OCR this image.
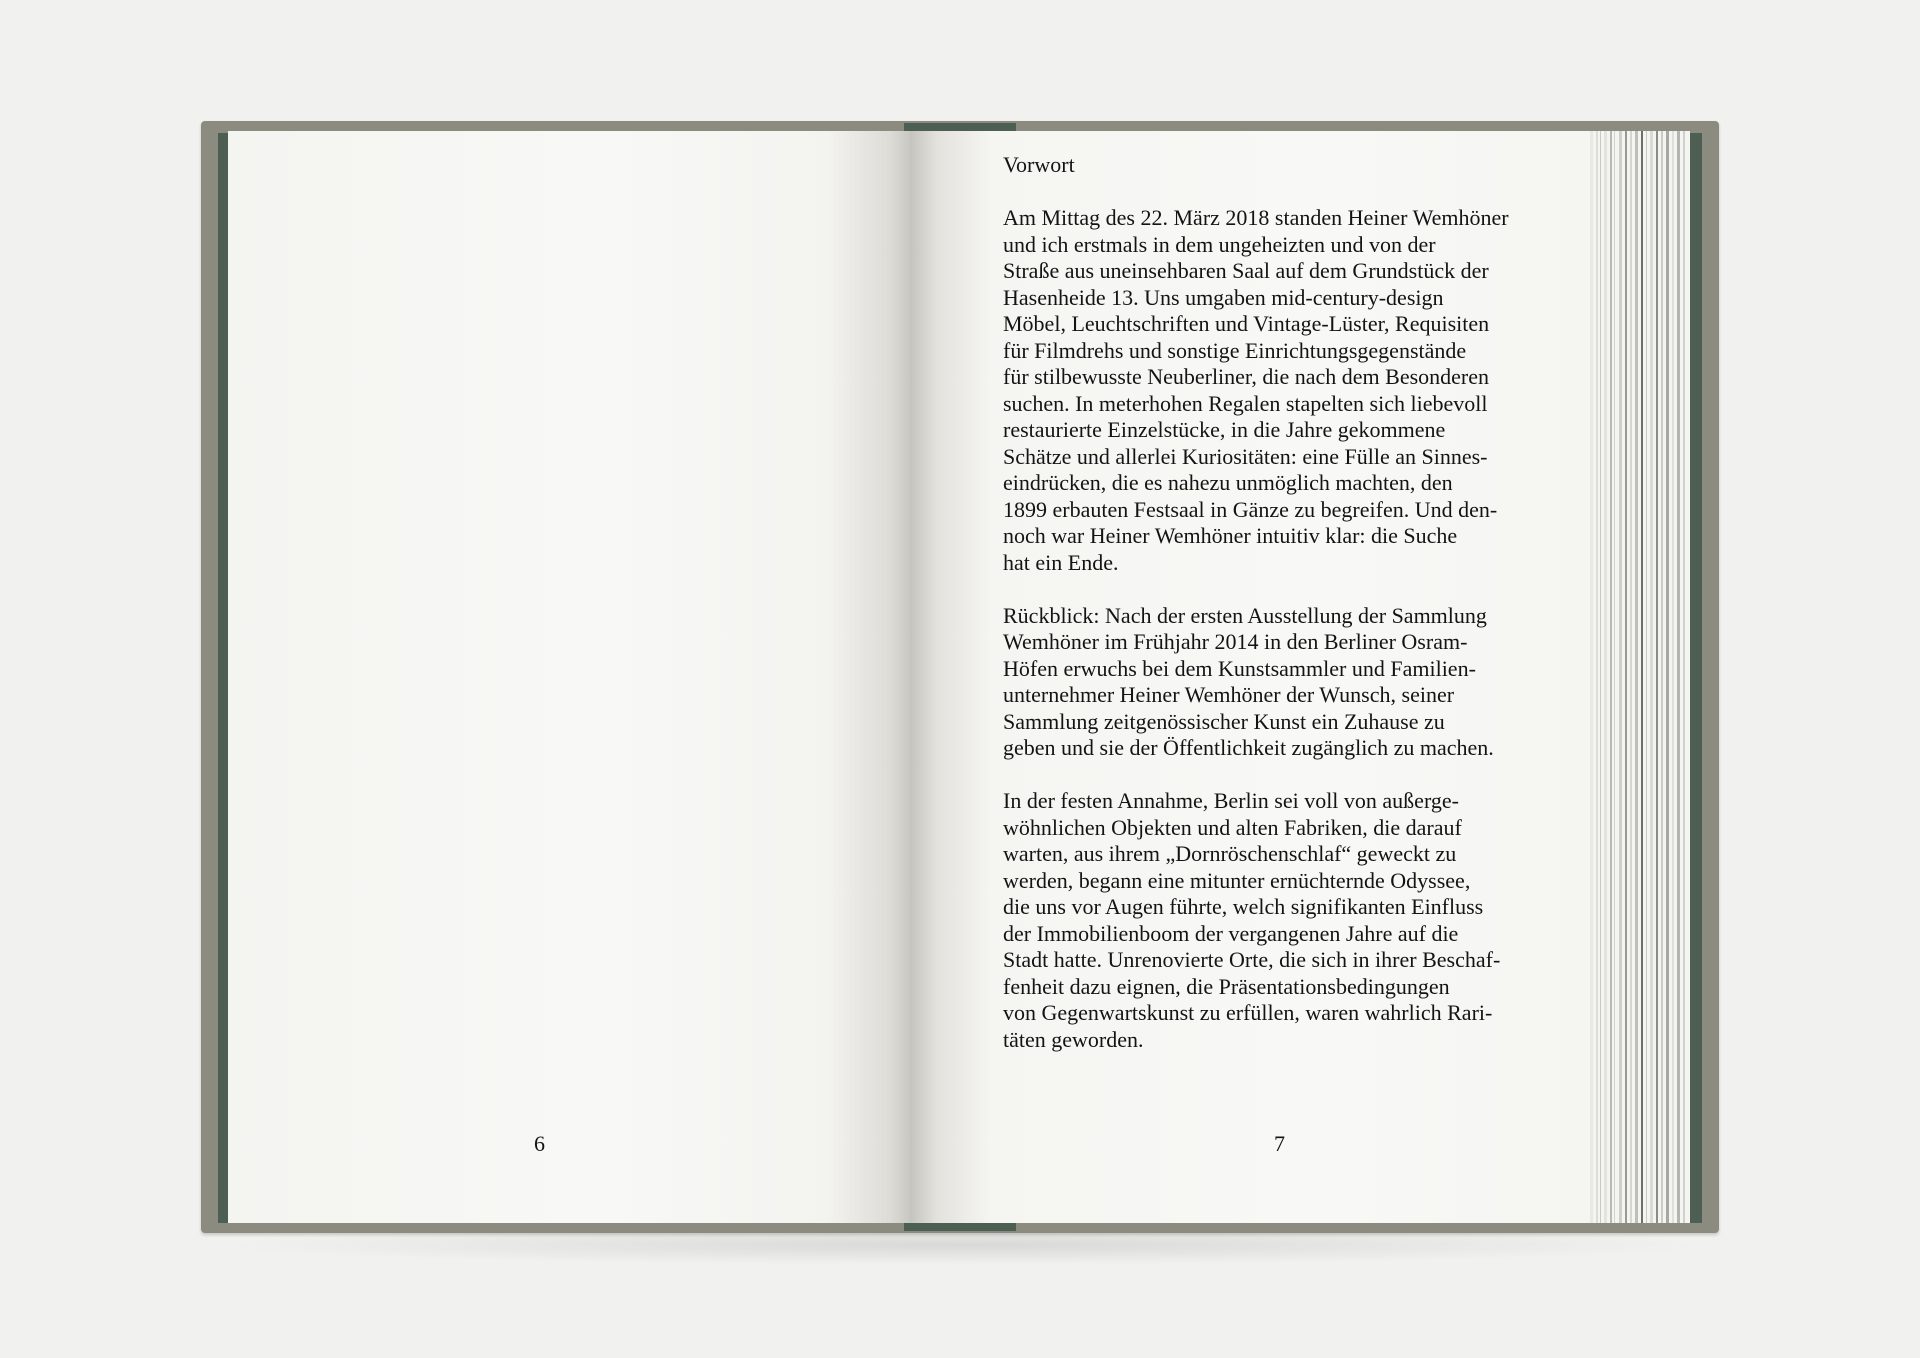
Vorwort

Am Mittag des 22. März 2018 standen Heiner Wemhöner
und ich erstmals in dem ungeheizten und von der
Straße aus uneinsehbaren Saal auf dem Grundstück der
Hasenheide 13. Uns umgaben mid-century-design
Möbel, Leuchtschriften und Vintage-Lüster, Requisiten
für Filmdrehs und sonstige Einrichtungsgegenstände
für stilbewusste Neuberliner, die nach dem Besonderen
suchen. In meterhohen Regalen stapelten sich liebevoll
restaurierte Einzelstücke, in die Jahre gekommene
Schätze und allerlei Kuriositäten: eine Fülle an Sinnes-
eindrücken, die es nahezu unmöglich machten, den
1899 erbauten Festsaal in Gänze zu begreifen. Und den-
noch war Heiner Wemhöner intuitiv klar: die Suche
hat ein Ende.

Rückblick: Nach der ersten Ausstellung der Sammlung
Wemhöner im Frühjahr 2014 in den Berliner Osram-
Höfen erwuchs bei dem Kunstsammler und Familien-
unternehmer Heiner Wemhöner der Wunsch, seiner
Sammlung zeitgenössischer Kunst ein Zuhause zu
geben und sie der Öffentlichkeit zugänglich zu machen.

In der festen Annahme, Berlin sei voll von außerge-
wöhnlichen Objekten und alten Fabriken, die darauf
warten, aus ihrem „Dornröschenschlaf“ geweckt zu
werden, begann eine mitunter ernüchternde Odyssee,
die uns vor Augen führte, welch signifikanten Einfluss
der Immobilienboom der vergangenen Jahre auf die
Stadt hatte. Unrenovierte Orte, die sich in ihrer Beschaf-
fenheit dazu eignen, die Präsentationsbedingungen
von Gegenwartskunst zu erfüllen, waren wahrlich Rari-
täten geworden.

6	7
